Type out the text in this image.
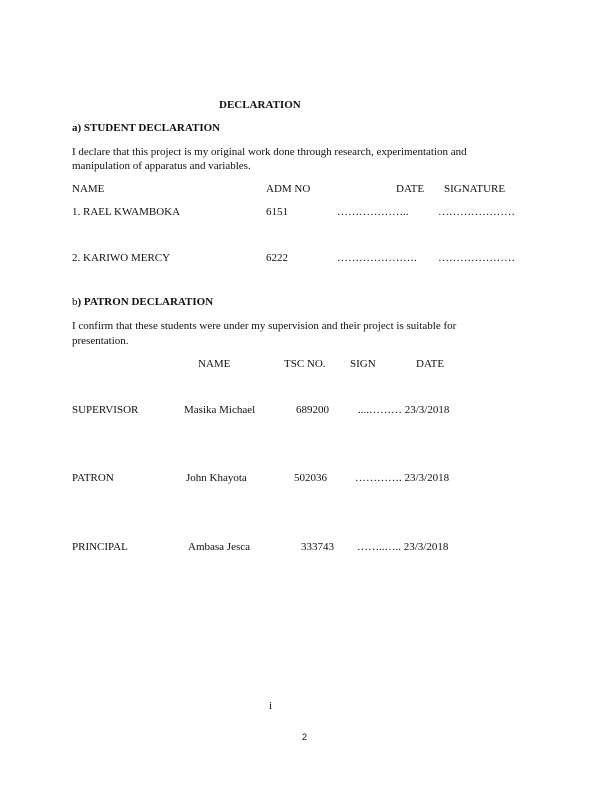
DECLARATION
a) STUDENT DECLARATION
I declare that this project is my original work done through research, experimentation and
manipulation of apparatus and variables.
NAME	ADM NO	DATE SIGNATURE
1. RAEL KWAMBOKA	6151	………………..	…………………
2. KARIWO MERCY	6222	…………………. …………………
b) PATRON DECLARATION
I confirm that these students were under my supervision and their project is suitable for
presentation.
NAME	TSC NO. SIGN	DATE
SUPERVISOR	Masika Michael	689200	....……… 23/3/2018
PATRON	John Khayota	502036	…………. 23/3/2018
PRINCIPAL	Ambasa Jesca	333743 ……..….. 23/3/2018
i
2
